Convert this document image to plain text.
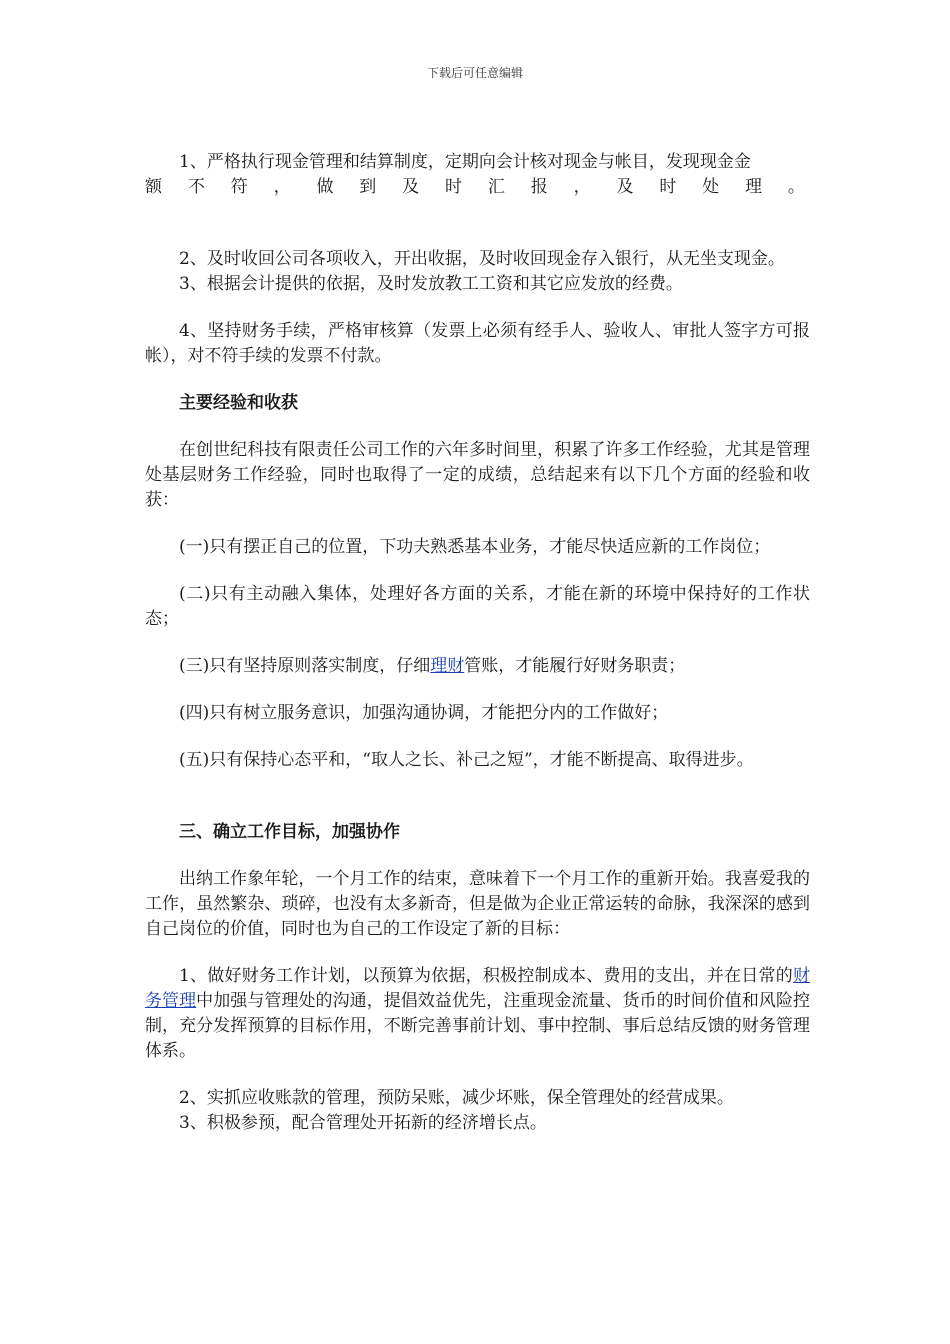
下载后可任意编辑

1、严格执行现金管理和结算制度，定期向会计核对现金与帐目，发现现金金

额 不 符 ， 做 到 及 时 汇 报 ， 及 时 处 理 。

2、及时收回公司各项收入，开出收据，及时收回现金存入银行，从无坐支现金。

3、根据会计提供的依据，及时发放教工工资和其它应发放的经费。

4、坚持财务手续，严格审核算（发票上必须有经手人、验收人、审批人签字方可报帐），对不符手续的发票不付款。

主要经验和收获

在创世纪科技有限责任公司工作的六年多时间里，积累了许多工作经验，尤其是管理处基层财务工作经验，同时也取得了一定的成绩，总结起来有以下几个方面的经验和收获：

(一)只有摆正自己的位置，下功夫熟悉基本业务，才能尽快适应新的工作岗位；

(二)只有主动融入集体，处理好各方面的关系，才能在新的环境中保持好的工作状态；

(三)只有坚持原则落实制度，仔细理财管账，才能履行好财务职责；

(四)只有树立服务意识，加强沟通协调，才能把分内的工作做好；

(五)只有保持心态平和，“取人之长、补己之短”，才能不断提高、取得进步。

三、确立工作目标，加强协作

出纳工作象年轮，一个月工作的结束，意味着下一个月工作的重新开始。我喜爱我的工作，虽然繁杂、琐碎，也没有太多新奇，但是做为企业正常运转的命脉，我深深的感到自己岗位的价值，同时也为自己的工作设定了新的目标：

1、做好财务工作计划，以预算为依据，积极控制成本、费用的支出，并在日常的财务管理中加强与管理处的沟通，提倡效益优先，注重现金流量、货币的时间价值和风险控制，充分发挥预算的目标作用，不断完善事前计划、事中控制、事后总结反馈的财务管理体系。

2、实抓应收账款的管理，预防呆账，减少坏账，保全管理处的经营成果。

3、积极参预，配合管理处开拓新的经济增长点。
